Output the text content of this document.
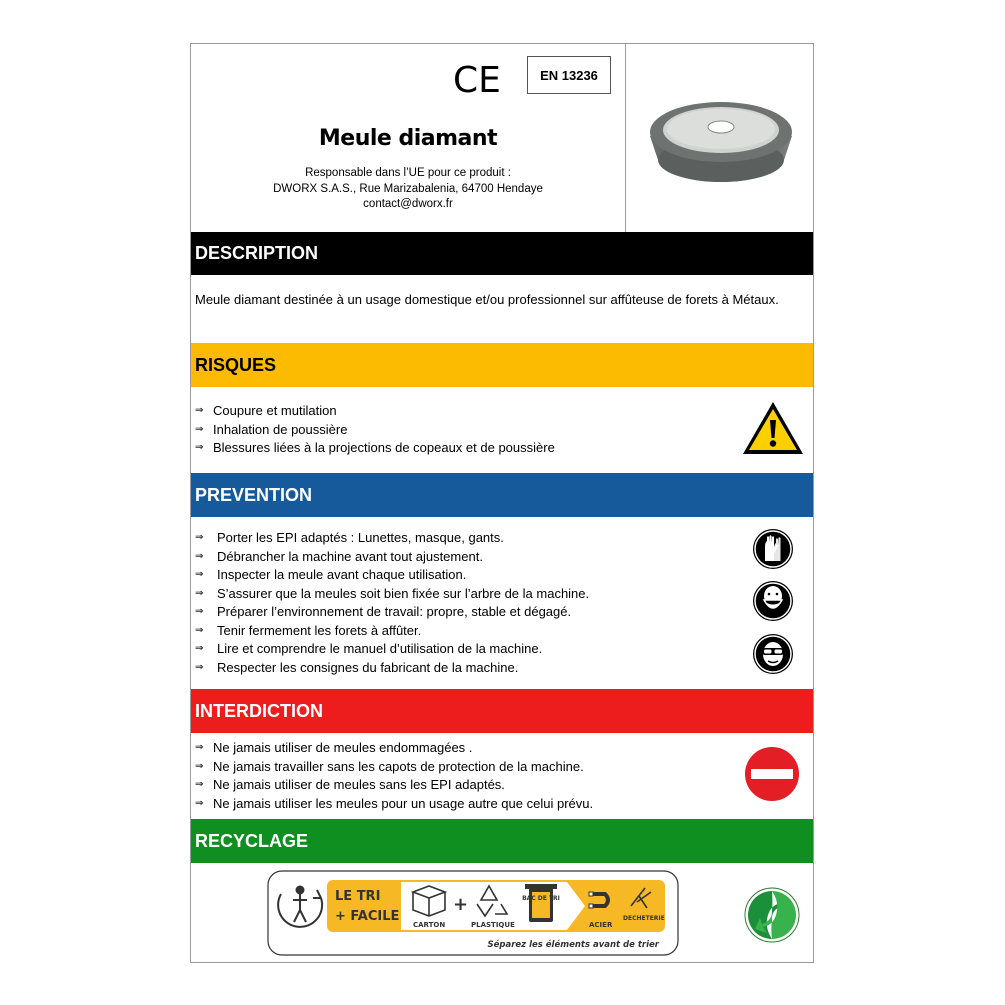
CE	EN 13236
Meule diamant
Responsable dans l’UE pour ce produit :
DWORX S.A.S., Rue Marizabalenia, 64700 Hendaye
contact@dworx.fr
DESCRIPTION
Meule diamant destinée à un usage domestique et/ou professionnel sur affûteuse de forets à Métaux.
RISQUES
⇒ Coupure et mutilation
⇒ Inhalation de poussière
⇒ Blessures liées à la projections de copeaux et de poussière
PREVENTION
⇒	Porter les EPI adaptés : Lunettes, masque, gants.
⇒	Débrancher la machine avant tout ajustement.
⇒	Inspecter la meule avant chaque utilisation.
⇒	S’assurer que la meules soit bien fixée sur l’arbre de la machine.
⇒	Préparer l’environnement de travail: propre, stable et dégagé.
⇒	Tenir fermement les forets à affûter.
⇒	Lire et comprendre le manuel d’utilisation de la machine.
⇒	Respecter les consignes du fabricant de la machine.
INTERDICTION
⇒ Ne jamais utiliser de meules endommagées .
⇒ Ne jamais travailler sans les capots de protection de la machine.
⇒ Ne jamais utiliser de meules sans les EPI adaptés.
⇒ Ne jamais utiliser les meules pour un usage autre que celui prévu.
RECYCLAGE
LE TRI
+ FACILE
CARTON
+
PLASTIQUE
BAC DE TRI
ACIER
DECHETERIE
Séparez les éléments avant de trier
